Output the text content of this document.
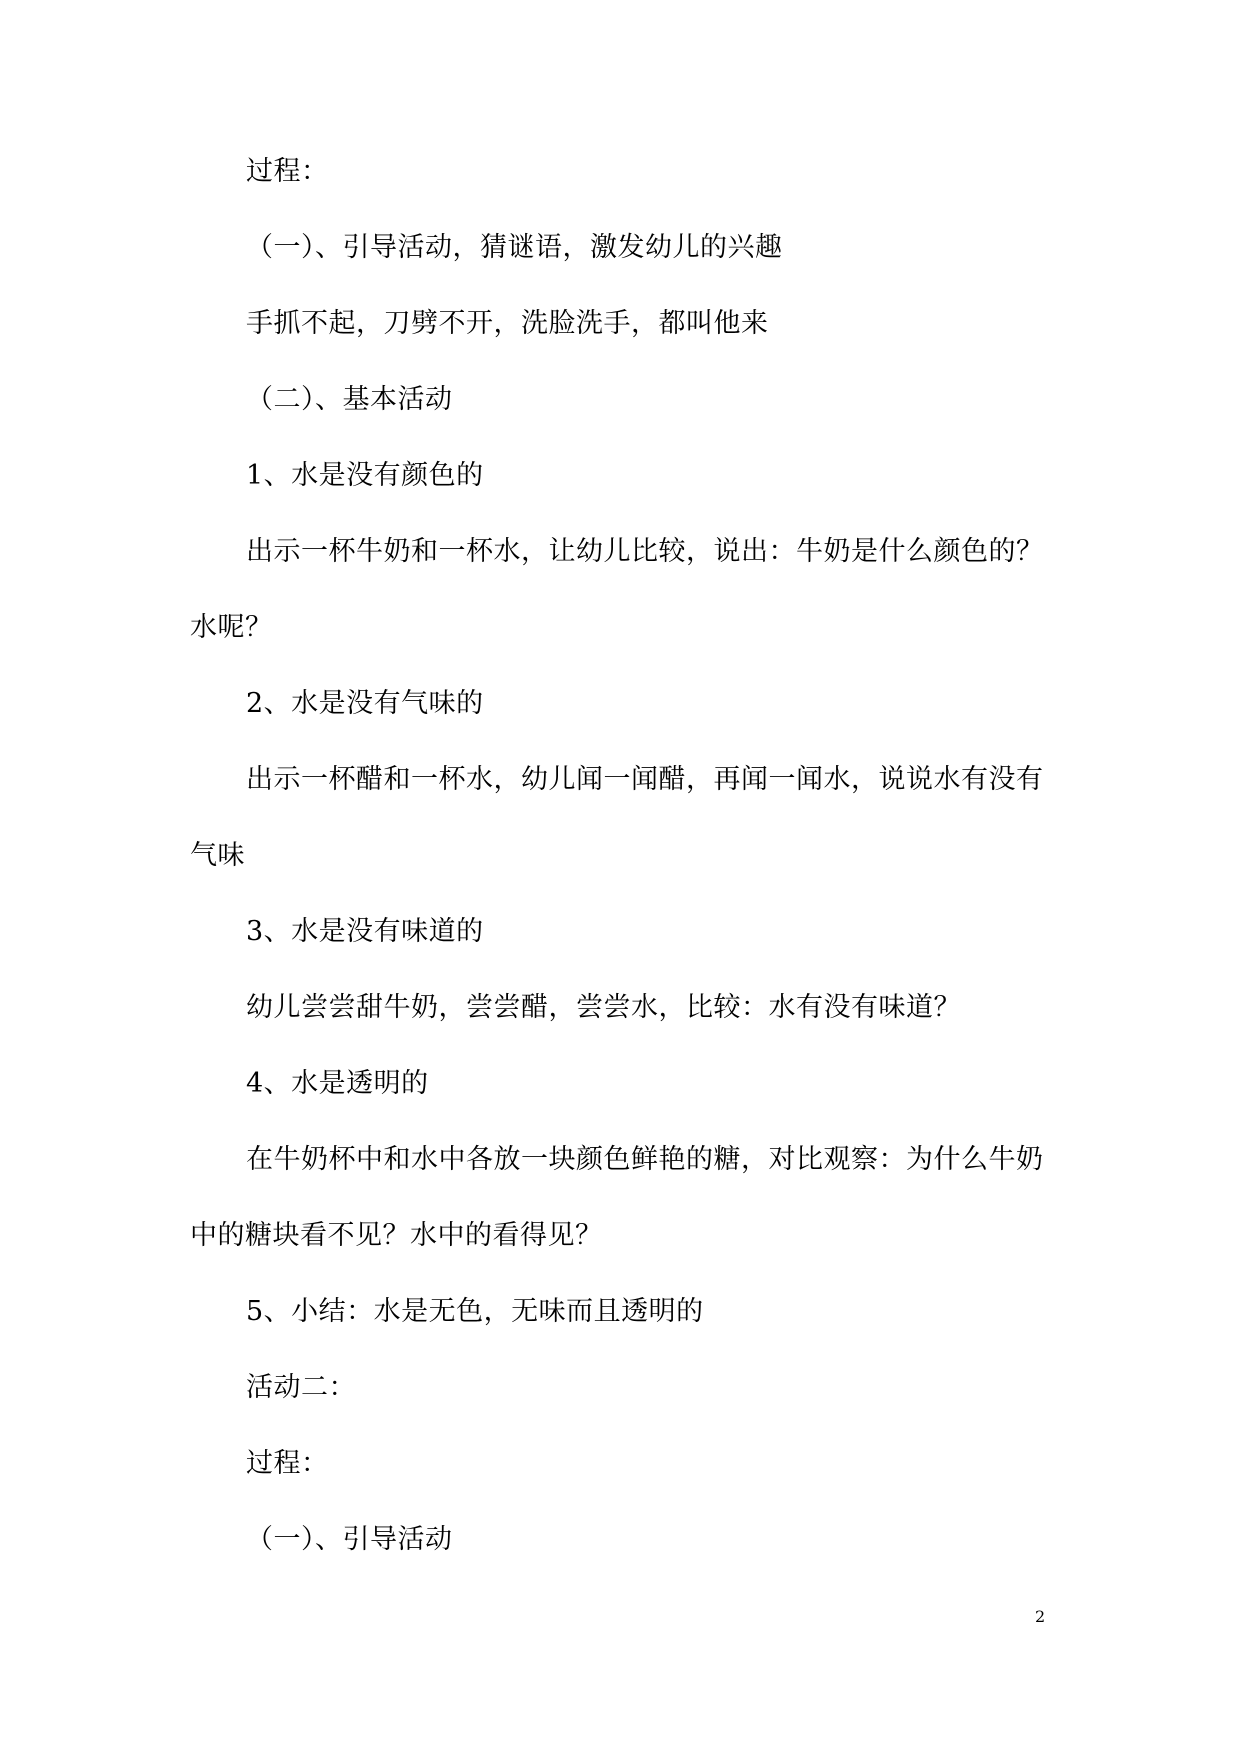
过程：

（一）、引导活动，猜谜语，激发幼儿的兴趣

手抓不起，刀劈不开，洗脸洗手，都叫他来

（二）、基本活动

1、水是没有颜色的

出示一杯牛奶和一杯水，让幼儿比较，说出：牛奶是什么颜色的？水呢？

2、水是没有气味的

出示一杯醋和一杯水，幼儿闻一闻醋，再闻一闻水，说说水有没有气味

3、水是没有味道的

幼儿尝尝甜牛奶，尝尝醋，尝尝水，比较：水有没有味道？

4、水是透明的

在牛奶杯中和水中各放一块颜色鲜艳的糖，对比观察：为什么牛奶中的糖块看不见？水中的看得见？

5、小结：水是无色，无味而且透明的

活动二：

过程：

（一）、引导活动

2
